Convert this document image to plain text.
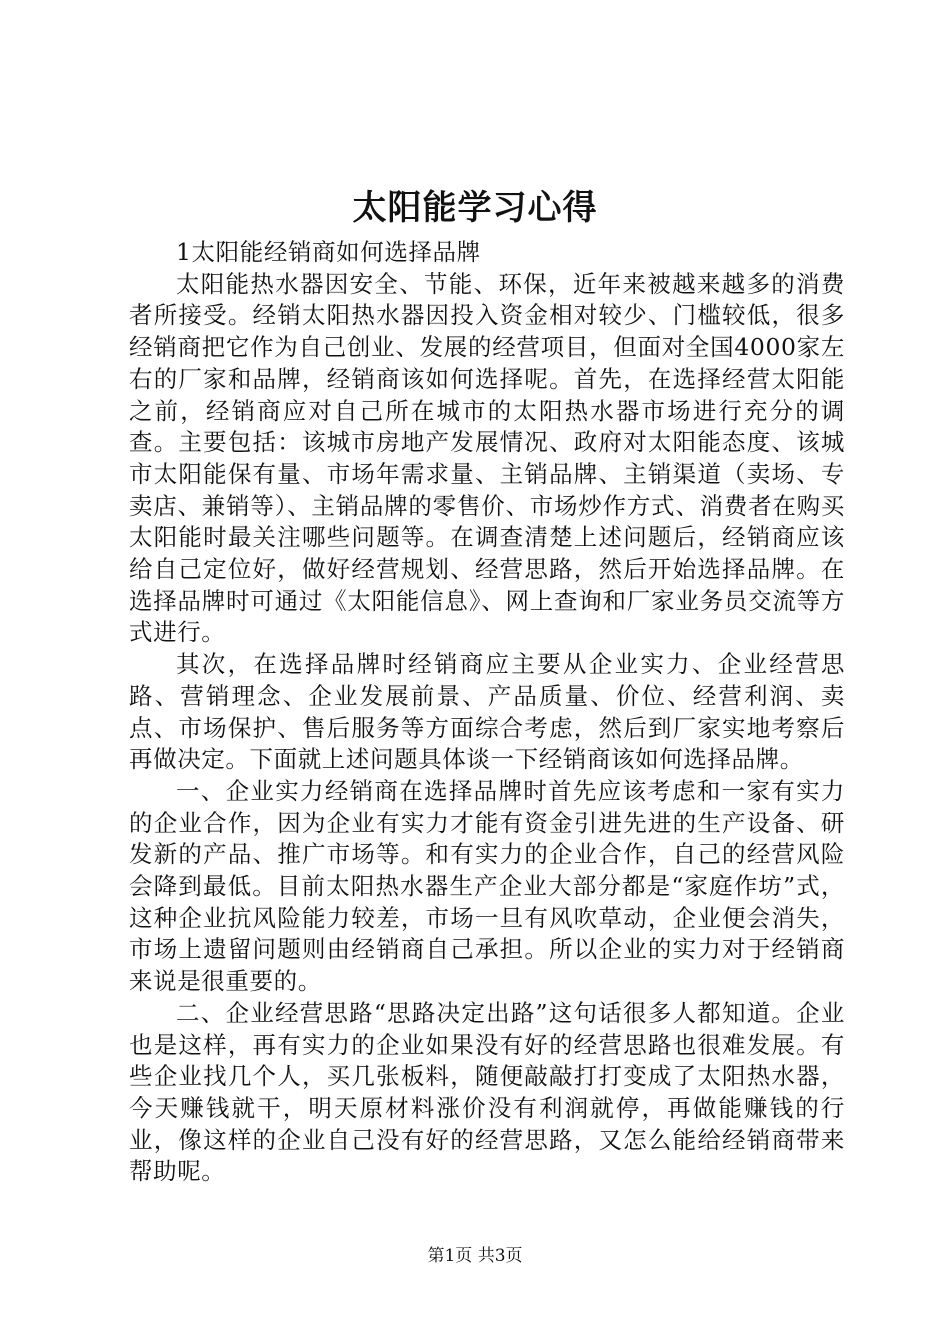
太阳能学习心得

1太阳能经销商如何选择品牌

太阳能热水器因安全、节能、环保，近年来被越来越多的消费者所接受。经销太阳热水器因投入资金相对较少、门槛较低，很多经销商把它作为自己创业、发展的经营项目，但面对全国4000家左右的厂家和品牌，经销商该如何选择呢。首先，在选择经营太阳能之前，经销商应对自己所在城市的太阳热水器市场进行充分的调查。主要包括：该城市房地产发展情况、政府对太阳能态度、该城市太阳能保有量、市场年需求量、主销品牌、主销渠道（卖场、专卖店、兼销等）、主销品牌的零售价、市场炒作方式、消费者在购买太阳能时最关注哪些问题等。在调查清楚上述问题后，经销商应该给自己定位好，做好经营规划、经营思路，然后开始选择品牌。在选择品牌时可通过《太阳能信息》、网上查询和厂家业务员交流等方式进行。

其次，在选择品牌时经销商应主要从企业实力、企业经营思路、营销理念、企业发展前景、产品质量、价位、经营利润、卖点、市场保护、售后服务等方面综合考虑，然后到厂家实地考察后再做决定。下面就上述问题具体谈一下经销商该如何选择品牌。

一、企业实力经销商在选择品牌时首先应该考虑和一家有实力的企业合作，因为企业有实力才能有资金引进先进的生产设备、研发新的产品、推广市场等。和有实力的企业合作，自己的经营风险会降到最低。目前太阳热水器生产企业大部分都是“家庭作坊”式，这种企业抗风险能力较差，市场一旦有风吹草动，企业便会消失，市场上遗留问题则由经销商自己承担。所以企业的实力对于经销商来说是很重要的。

二、企业经营思路“思路决定出路”这句话很多人都知道。企业也是这样，再有实力的企业如果没有好的经营思路也很难发展。有些企业找几个人，买几张板料，随便敲敲打打变成了太阳热水器，今天赚钱就干，明天原材料涨价没有利润就停，再做能赚钱的行业，像这样的企业自己没有好的经营思路，又怎么能给经销商带来帮助呢。

第1页 共3页
